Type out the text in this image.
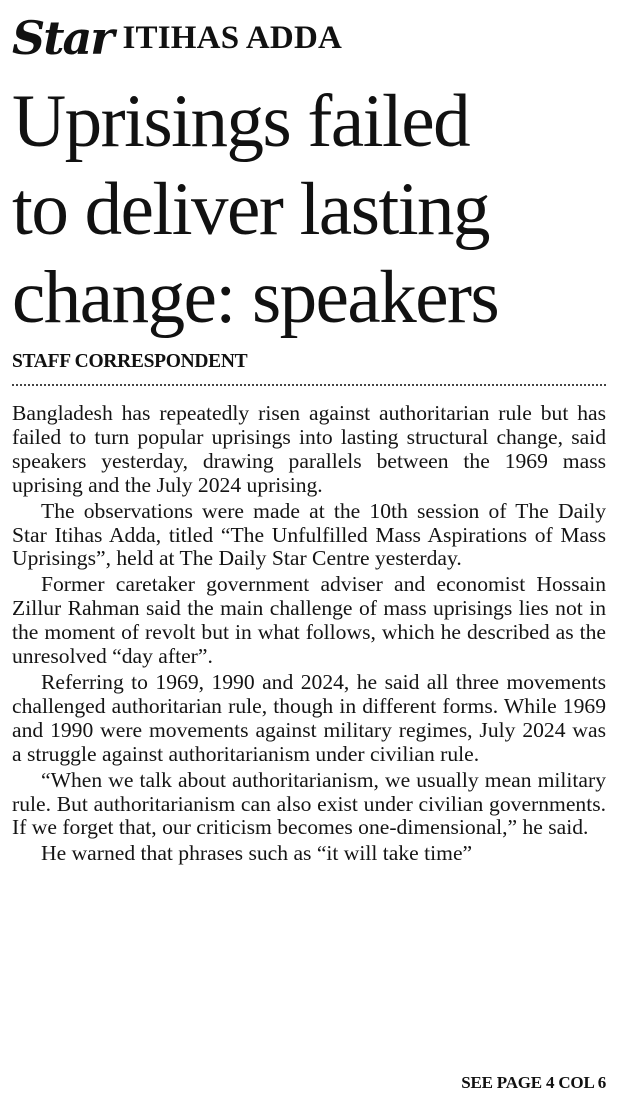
Star ITIHAS ADDA
Uprisings failed
to deliver lasting
change: speakers
STAFF CORRESPONDENT

Bangladesh has repeatedly risen against authoritarian rule but has failed to turn popular uprisings into lasting structural change, said speakers yesterday, drawing parallels between the 1969 mass uprising and the July 2024 uprising.

The observations were made at the 10th session of The Daily Star Itihas Adda, titled “The Unfulfilled Mass Aspirations of Mass Uprisings”, held at The Daily Star Centre yesterday.

Former caretaker government adviser and economist Hossain Zillur Rahman said the main challenge of mass uprisings lies not in the moment of revolt but in what follows, which he described as the unresolved “day after”.

Referring to 1969, 1990 and 2024, he said all three movements challenged authoritarian rule, though in different forms. While 1969 and 1990 were movements against military regimes, July 2024 was a struggle against authoritarianism under civilian rule.

“When we talk about authoritarianism, we usually mean military rule. But authoritarianism can also exist under civilian governments. If we forget that, our criticism becomes one-dimensional,” he said.

He warned that phrases such as “it will take time”

SEE PAGE 4 COL 6
